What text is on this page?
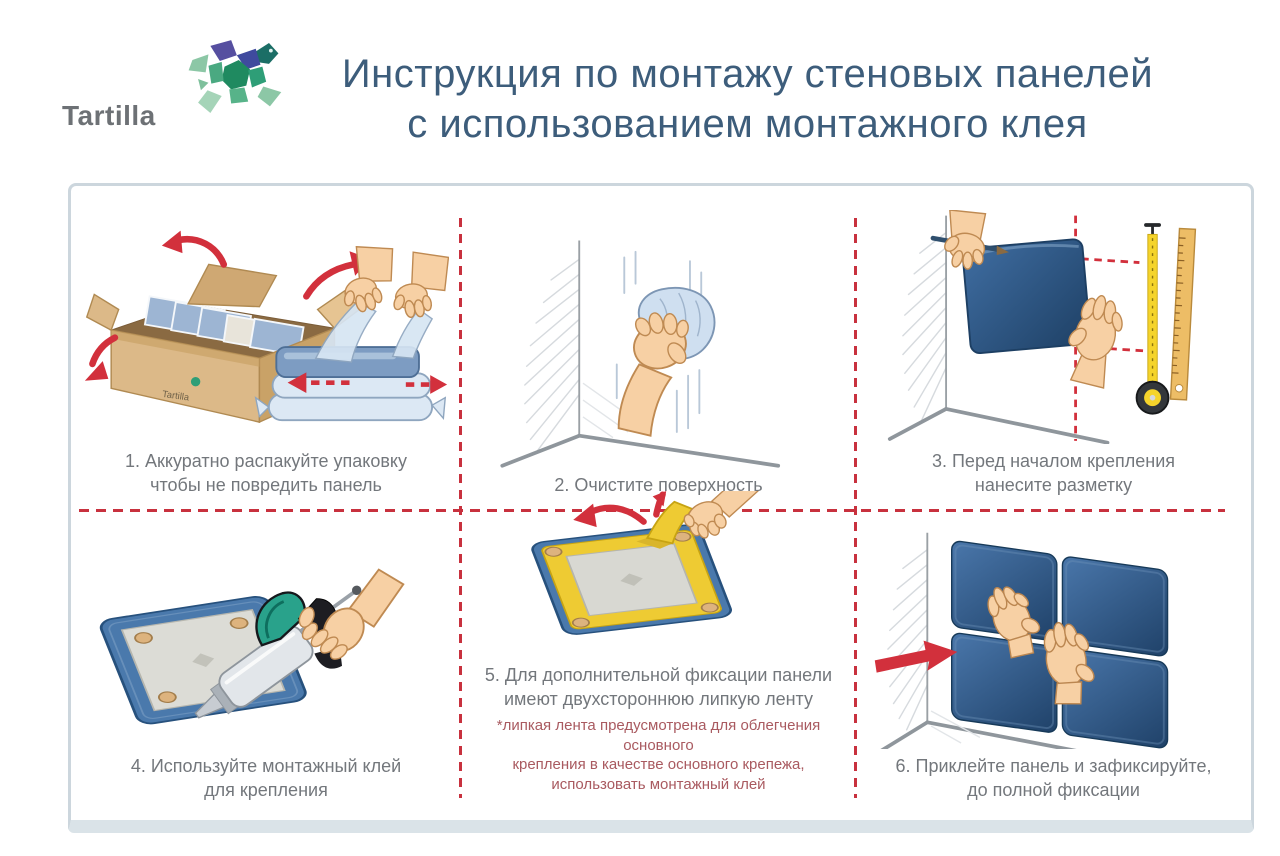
Tartilla
Инструкция по монтажу стеновых панелей
с использованием монтажного клея
Tartilla

1. Аккуратно распакуйте упаковку
чтобы не повредить панель	2. Очистите поверхность

3. Перед началом крепления
нанесите разметку

4. Используйте монтажный клей
для крепления

5. Для дополнительной фиксации панели
имеют двухстороннюю липкую ленту

*липкая лента предусмотрена для облегчения основного
крепления в качестве основного крепежа,
использовать монтажный клей

6. Приклейте панель и зафиксируйте,
до полной фиксации
